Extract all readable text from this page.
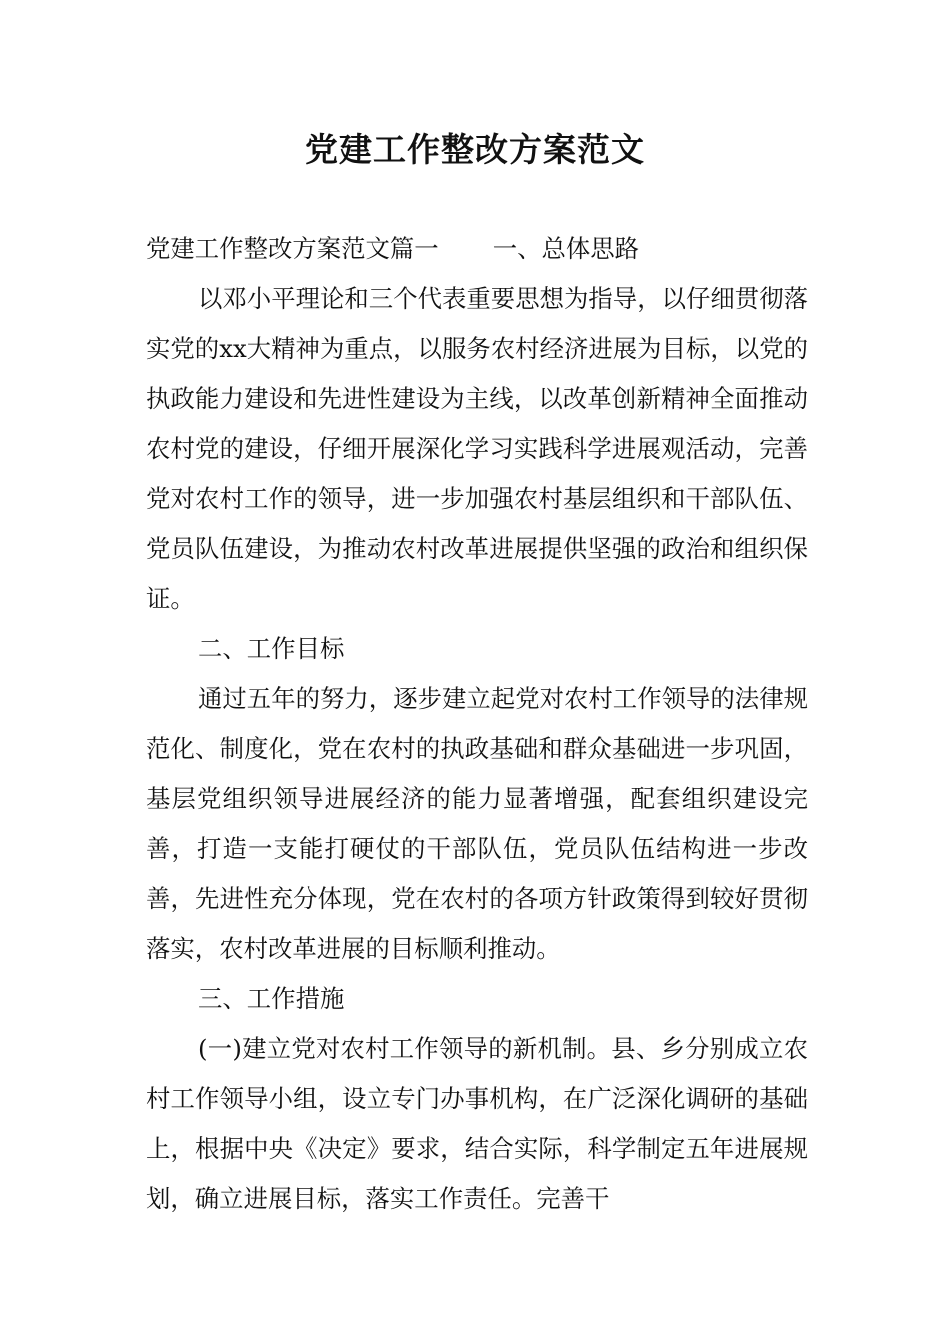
党建工作整改方案范文

党建工作整改方案范文篇一 一、总体思路

以邓小平理论和三个代表重要思想为指导，以仔细贯彻落实党的xx大精神为重点，以服务农村经济进展为目标，以党的执政能力建设和先进性建设为主线，以改革创新精神全面推动农村党的建设，仔细开展深化学习实践科学进展观活动，完善党对农村工作的领导，进一步加强农村基层组织和干部队伍、党员队伍建设，为推动农村改革进展提供坚强的政治和组织保证。

二、工作目标

通过五年的努力，逐步建立起党对农村工作领导的法律规范化、制度化，党在农村的执政基础和群众基础进一步巩固，基层党组织领导进展经济的能力显著增强，配套组织建设完善，打造一支能打硬仗的干部队伍，党员队伍结构进一步改善，先进性充分体现，党在农村的各项方针政策得到较好贯彻落实，农村改革进展的目标顺利推动。

三、工作措施

(一)建立党对农村工作领导的新机制。县、乡分别成立农村工作领导小组，设立专门办事机构，在广泛深化调研的基础上，根据中央《决定》要求，结合实际，科学制定五年进展规划，确立进展目标，落实工作责任。完善干
